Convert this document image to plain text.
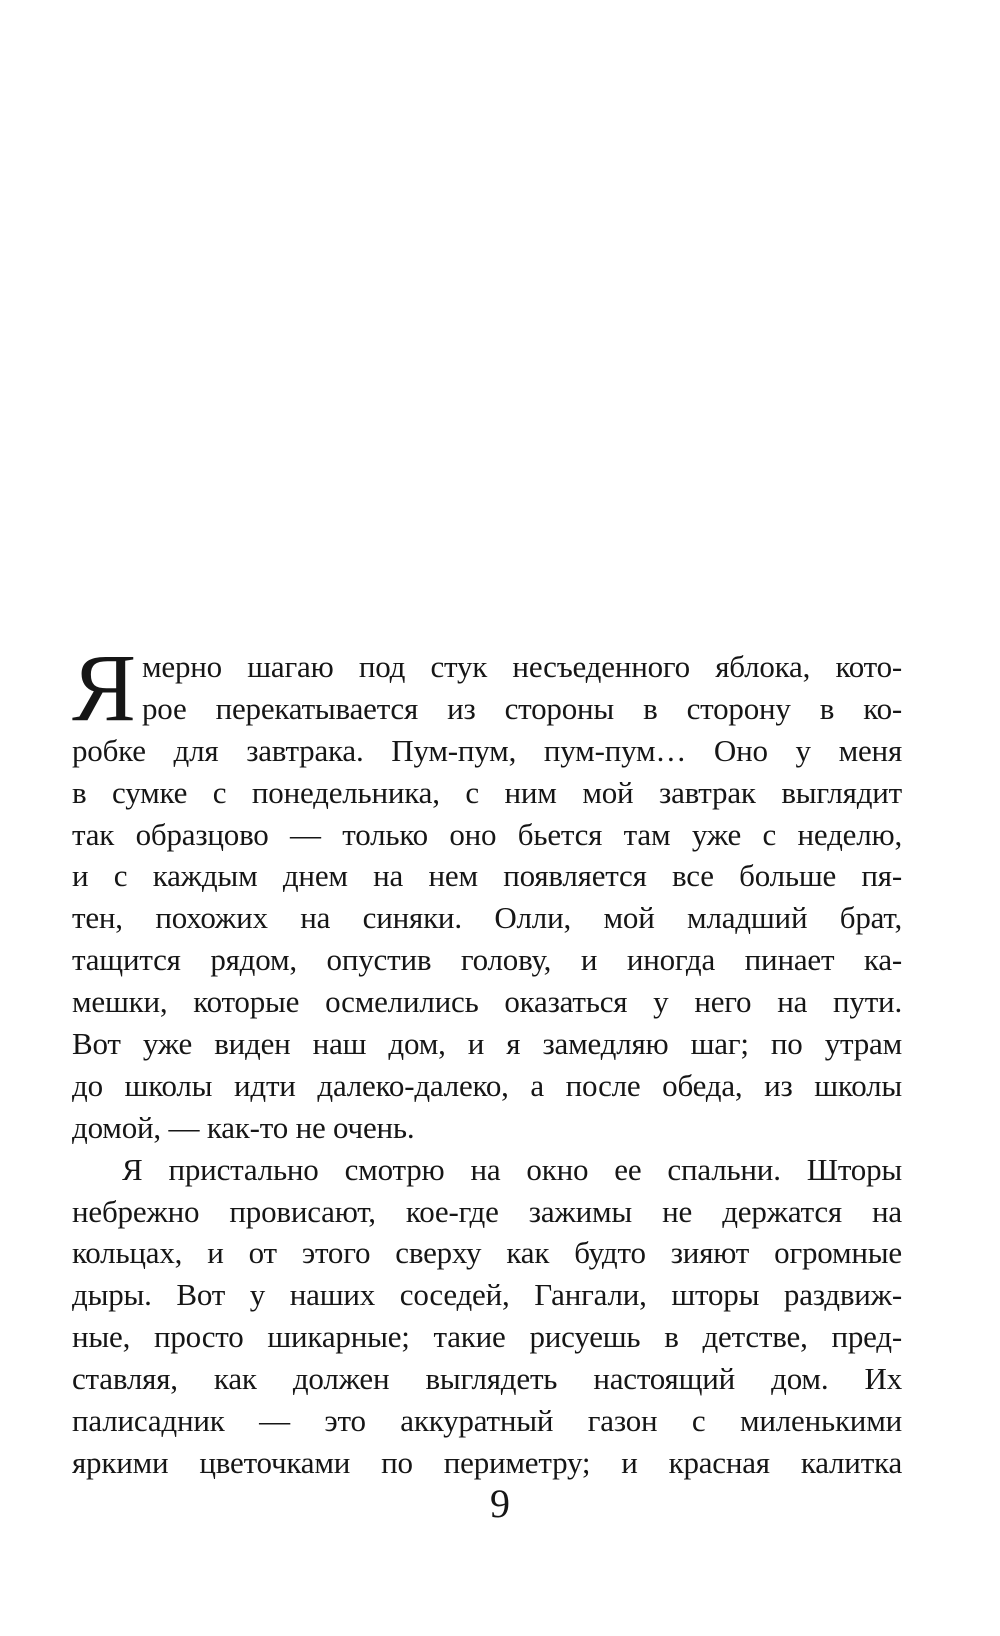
Я мерно шагаю под стук несъеденного яблока, кото-
рое перекатывается из стороны в сторону в ко-
робке для завтрака. Пум-пум, пум-пум… Оно у меня
в сумке с понедельника, с ним мой завтрак выглядит
так образцово — только оно бьется там уже с неделю,
и с каждым днем на нем появляется все больше пя-
тен, похожих на синяки. Олли, мой младший брат,
тащится рядом, опустив голову, и иногда пинает ка-
мешки, которые осмелились оказаться у него на пути.
Вот уже виден наш дом, и я замедляю шаг; по утрам
до школы идти далеко-далеко, а после обеда, из школы
домой, — как-то не очень.
Я пристально смотрю на окно ее спальни. Шторы
небрежно провисают, кое-где зажимы не держатся на
кольцах, и от этого сверху как будто зияют огромные
дыры. Вот у наших соседей, Гангали, шторы раздвиж-
ные, просто шикарные; такие рисуешь в детстве, пред-
ставляя, как должен выглядеть настоящий дом. Их
палисадник — это аккуратный газон с миленькими
яркими цветочками по периметру; и красная калитка
9
